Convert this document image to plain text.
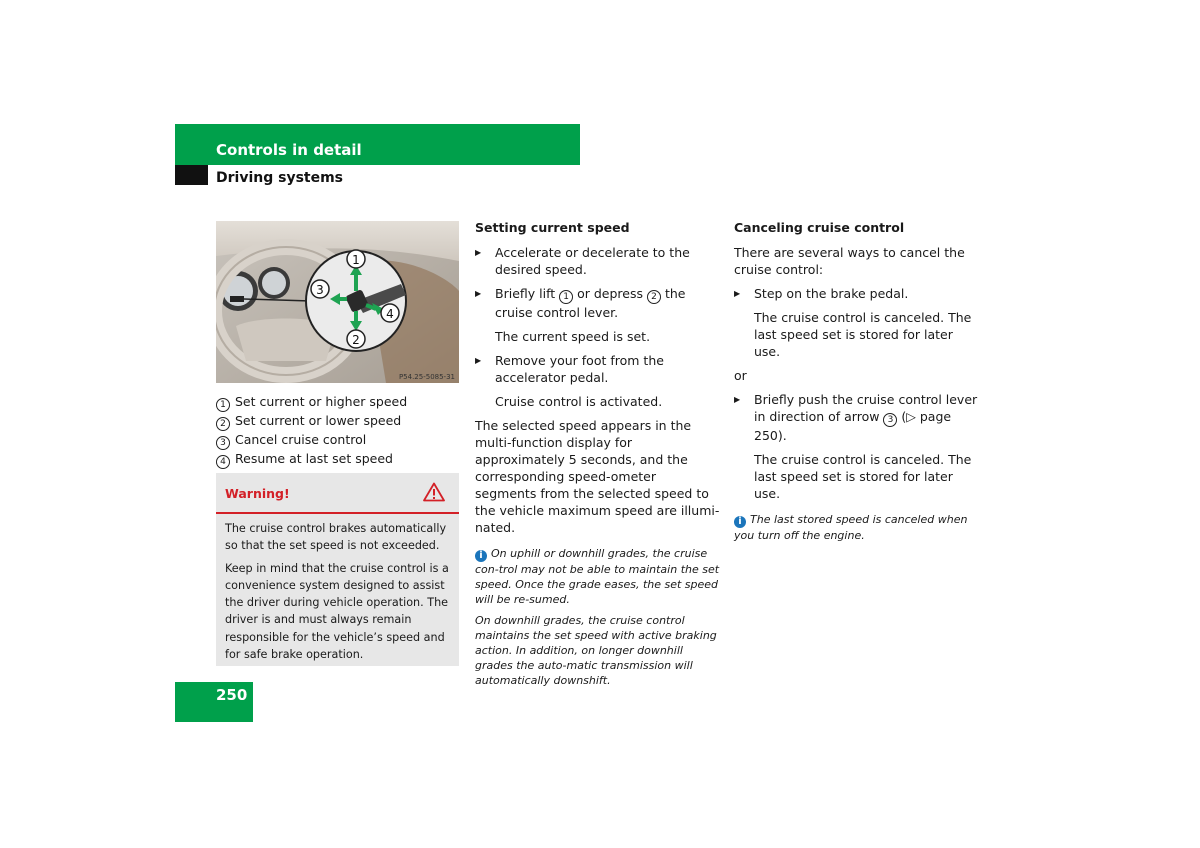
Controls in detail
Driving systems
1
2
3
4
P54.25-5085-31
1 Set current or higher speed
2 Set current or lower speed
3 Cancel cruise control
4 Resume at last set speed
Warning!

The cruise control brakes automatically so that the set speed is not exceeded.

Keep in mind that the cruise control is a convenience system designed to assist the driver during vehicle operation. The driver is and must always remain responsible for the vehicle’s speed and for safe brake operation.

Setting current speed

▶ Accelerate or decelerate to the desired speed.

▶ Briefly lift 1 or depress 2 the cruise control lever.

The current speed is set.

▶ Remove your foot from the accelerator pedal.

Cruise control is activated.

The selected speed appears in the multi-function display for approximately 5 seconds, and the corresponding speed-ometer segments from the selected speed to the vehicle maximum speed are illumi-nated.

i On uphill or downhill grades, the cruise con-trol may not be able to maintain the set speed. Once the grade eases, the set speed will be re-sumed.

On downhill grades, the cruise control maintains the set speed with active braking action. In addition, on longer downhill grades the auto-matic transmission will automatically downshift.

Canceling cruise control

There are several ways to cancel the cruise control:

▶ Step on the brake pedal.

The cruise control is canceled. The last speed set is stored for later use.

or

▶ Briefly push the cruise control lever in direction of arrow 3 (▷ page 250).

The cruise control is canceled. The last speed set is stored for later use.

i The last stored speed is canceled when you turn off the engine.

250
